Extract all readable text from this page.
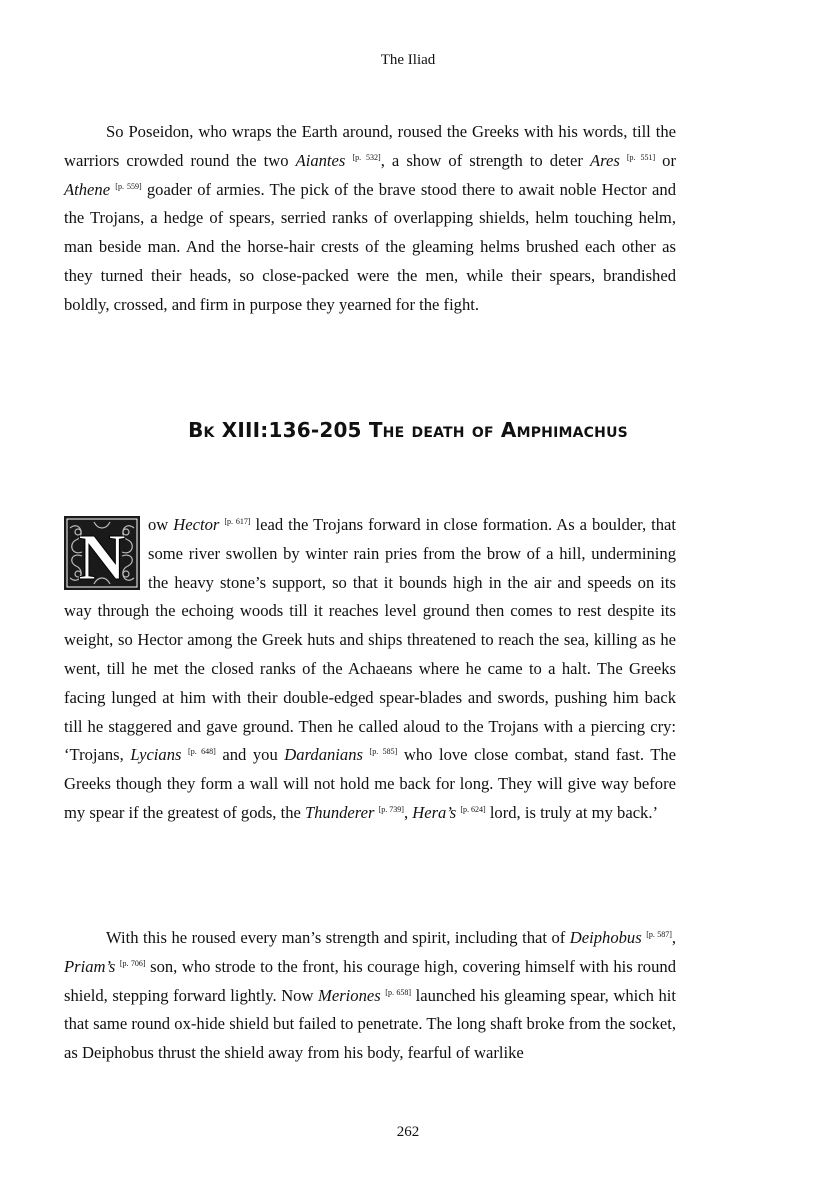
The Iliad

So Poseidon, who wraps the Earth around, roused the Greeks with his words, till the warriors crowded round the two Aiantes [p. 532], a show of strength to deter Ares [p. 551] or Athene [p. 559] goader of armies. The pick of the brave stood there to await noble Hector and the Trojans, a hedge of spears, serried ranks of overlapping shields, helm touching helm, man beside man. And the horse-hair crests of the gleaming helms brushed each other as they turned their heads, so close-packed were the men, while their spears, brandished boldly, crossed, and firm in purpose they yearned for the fight.

Bk XIII:136-205 The death of Amphimachus

N ow Hector [p. 617] lead the Trojans forward in close formation. As a boulder, that some river swollen by winter rain pries from the brow of a hill, undermining the heavy stone’s support, so that it bounds high in the air and speeds on its way through the echoing woods till it reaches level ground then comes to rest despite its weight, so Hector among the Greek huts and ships threatened to reach the sea, killing as he went, till he met the closed ranks of the Achaeans where he came to a halt. The Greeks facing lunged at him with their double-edged spear-blades and swords, pushing him back till he staggered and gave ground. Then he called aloud to the Trojans with a piercing cry: ‘Trojans, Lycians [p. 648] and you Dardanians [p. 585] who love close combat, stand fast. The Greeks though they form a wall will not hold me back for long. They will give way before my spear if the greatest of gods, the Thunderer [p. 739], Hera’s [p. 624] lord, is truly at my back.’

With this he roused every man’s strength and spirit, including that of Deiphobus [p. 587], Priam’s [p. 706] son, who strode to the front, his courage high, covering himself with his round shield, stepping forward lightly. Now Meriones [p. 658] launched his gleaming spear, which hit that same round ox-hide shield but failed to penetrate. The long shaft broke from the socket, as Deiphobus thrust the shield away from his body, fearful of warlike

262
